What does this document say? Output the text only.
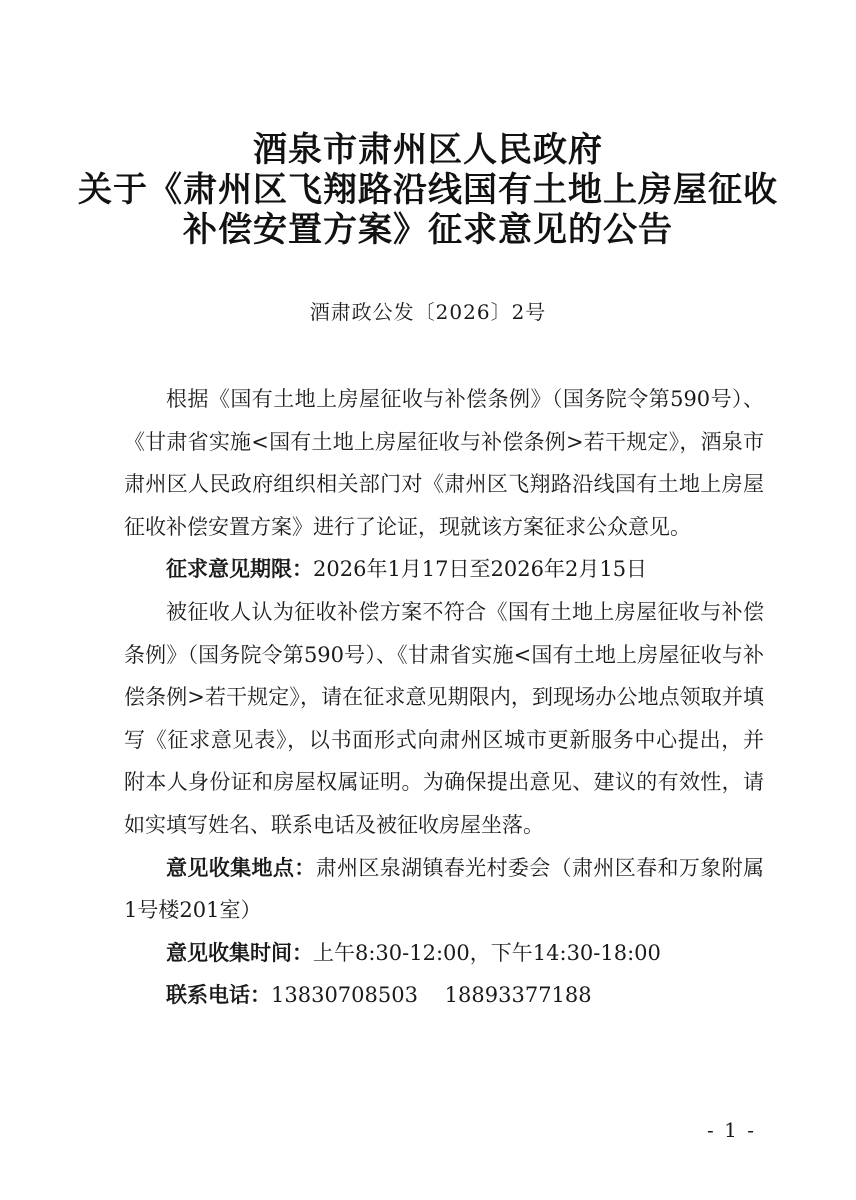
酒泉市肃州区人民政府
关于《肃州区飞翔路沿线国有土地上房屋征收
补偿安置方案》征求意见的公告
酒肃政公发〔2026〕2号

根据《国有土地上房屋征收与补偿条例》（国务院令第590号）、《甘肃省实施<国有土地上房屋征收与补偿条例>若干规定》，酒泉市肃州区人民政府组织相关部门对《肃州区飞翔路沿线国有土地上房屋征收补偿安置方案》进行了论证，现就该方案征求公众意见。

征求意见期限：2026年1月17日至2026年2月15日

被征收人认为征收补偿方案不符合《国有土地上房屋征收与补偿条例》（国务院令第590号）、《甘肃省实施<国有土地上房屋征收与补偿条例>若干规定》，请在征求意见期限内，到现场办公地点领取并填写《征求意见表》，以书面形式向肃州区城市更新服务中心提出，并附本人身份证和房屋权属证明。为确保提出意见、建议的有效性，请如实填写姓名、联系电话及被征收房屋坐落。

意见收集地点：肃州区泉湖镇春光村委会（肃州区春和万象附属1号楼201室）

意见收集时间：上午8:30-12:00，下午14:30-18:00

联系电话：13830708503    18893377188

- 1 -
